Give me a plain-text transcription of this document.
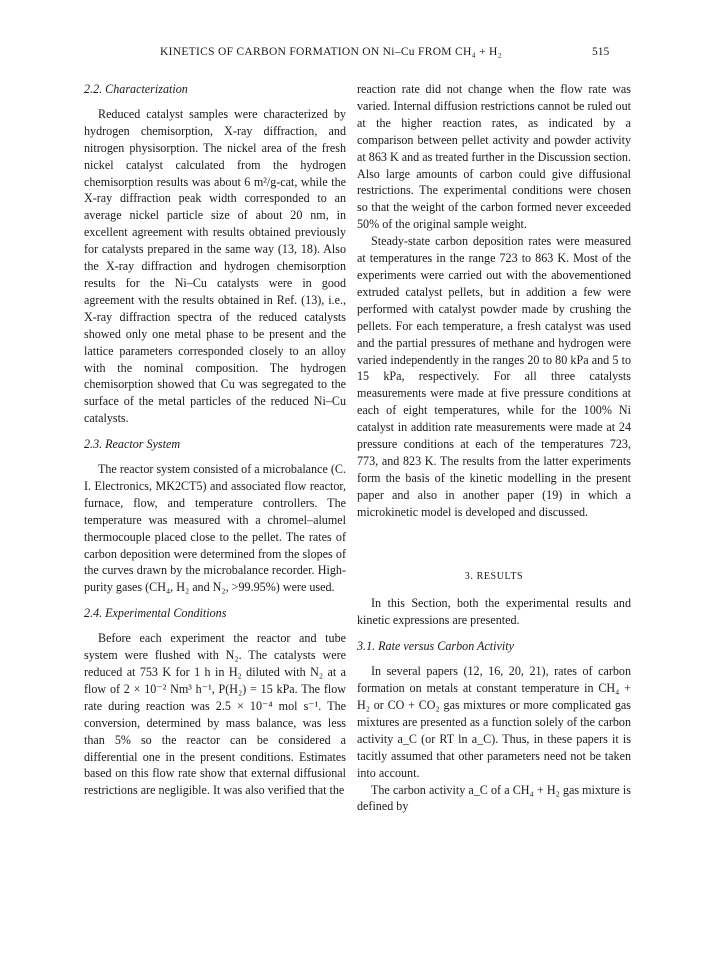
KINETICS OF CARBON FORMATION ON Ni–Cu FROM CH₄ + H₂	515

2.2. Characterization

Reduced catalyst samples were characterized by hydrogen chemisorption, X-ray diffraction, and nitrogen physisorption. The nickel area of the fresh nickel catalyst calculated from the hydrogen chemisorption results was about 6 m²/g-cat, while the X-ray diffraction peak width corresponded to an average nickel particle size of about 20 nm, in excellent agreement with results obtained previously for catalysts prepared in the same way (13, 18). Also the X-ray diffraction and hydrogen chemisorption results for the Ni–Cu catalysts were in good agreement with the results obtained in Ref. (13), i.e., X-ray diffraction spectra of the reduced catalysts showed only one metal phase to be present and the lattice parameters corresponded closely to an alloy with the nominal composition. The hydrogen chemisorption showed that Cu was segregated to the surface of the metal particles of the reduced Ni–Cu catalysts.

2.3. Reactor System

The reactor system consisted of a microbalance (C. I. Electronics, MK2CT5) and associated flow reactor, furnace, flow, and temperature controllers. The temperature was measured with a chromel–alumel thermocouple placed close to the pellet. The rates of carbon deposition were determined from the slopes of the curves drawn by the microbalance recorder. High-purity gases (CH₄, H₂ and N₂, >99.95%) were used.

2.4. Experimental Conditions

Before each experiment the reactor and tube system were flushed with N₂. The catalysts were reduced at 753 K for 1 h in H₂ diluted with N₂ at a flow of 2 × 10⁻² Nm³ h⁻¹, P(H₂) = 15 kPa. The flow rate during reaction was 2.5 × 10⁻⁴ mol s⁻¹. The conversion, determined by mass balance, was less than 5% so the reactor can be considered a differential one in the present conditions. Estimates based on this flow rate show that external diffusional restrictions are negligible. It was also verified that the

reaction rate did not change when the flow rate was varied. Internal diffusion restrictions cannot be ruled out at the higher reaction rates, as indicated by a comparison between pellet activity and powder activity at 863 K and as treated further in the Discussion section. Also large amounts of carbon could give diffusional restrictions. The experimental conditions were chosen so that the weight of the carbon formed never exceeded 50% of the original sample weight.

Steady-state carbon deposition rates were measured at temperatures in the range 723 to 863 K. Most of the experiments were carried out with the abovementioned extruded catalyst pellets, but in addition a few were performed with catalyst powder made by crushing the pellets. For each temperature, a fresh catalyst was used and the partial pressures of methane and hydrogen were varied independently in the ranges 20 to 80 kPa and 5 to 15 kPa, respectively. For all three catalysts measurements were made at five pressure conditions at each of eight temperatures, while for the 100% Ni catalyst in addition rate measurements were made at 24 pressure conditions at each of the temperatures 723, 773, and 823 K. The results from the latter experiments form the basis of the kinetic modelling in the present paper and also in another paper (19) in which a microkinetic model is developed and discussed.

3. RESULTS

In this Section, both the experimental results and kinetic expressions are presented.

3.1. Rate versus Carbon Activity

In several papers (12, 16, 20, 21), rates of carbon formation on metals at constant temperature in CH₄ + H₂ or CO + CO₂ gas mixtures or more complicated gas mixtures are presented as a function solely of the carbon activity a_C (or RT ln a_C). Thus, in these papers it is tacitly assumed that other parameters need not be taken into account.

The carbon activity a_C of a CH₄ + H₂ gas mixture is defined by
